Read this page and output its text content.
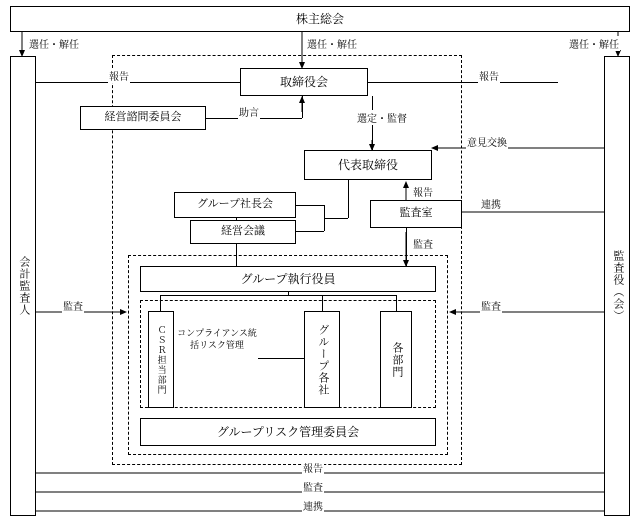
株主総会
会計監査人	監査役（会）
取締役会
経営諮問委員会
代表取締役
グループ社長会
経営会議
監査室
グループ執行役員
ＣＳＲ担当部門 コンプライアンス統括リスク管理	グループ各社	各部門
グループリスク管理委員会
選任・解任	選任・解任	選任・解任
報告	報告
助言
選定・監督
意見交換
報告
連携
監査
監査	監査
報告
監査
連携
